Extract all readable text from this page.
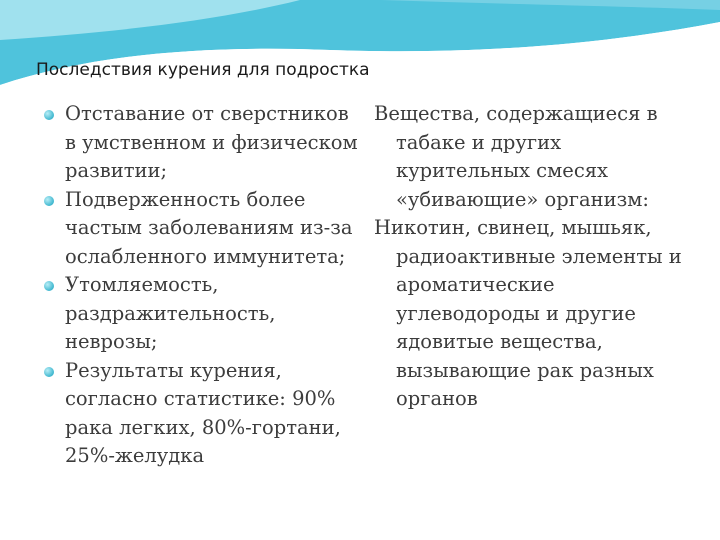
Последствия курения для подростка
Отставание от сверстников в умственном и физическом развитии;
Подверженность более частым заболеваниям из-за ослабленного иммунитета;
Утомляемость, раздражительность, неврозы;
Результаты курения, согласно статистике: 90% рака легких, 80%-гортани, 25%-желудка

Вещества, содержащиеся в табаке и других курительных смесях «убивающие» организм:

Никотин, свинец, мышьяк, радиоактивные элементы и ароматические углеводороды и другие ядовитые вещества, вызывающие рак разных органов
